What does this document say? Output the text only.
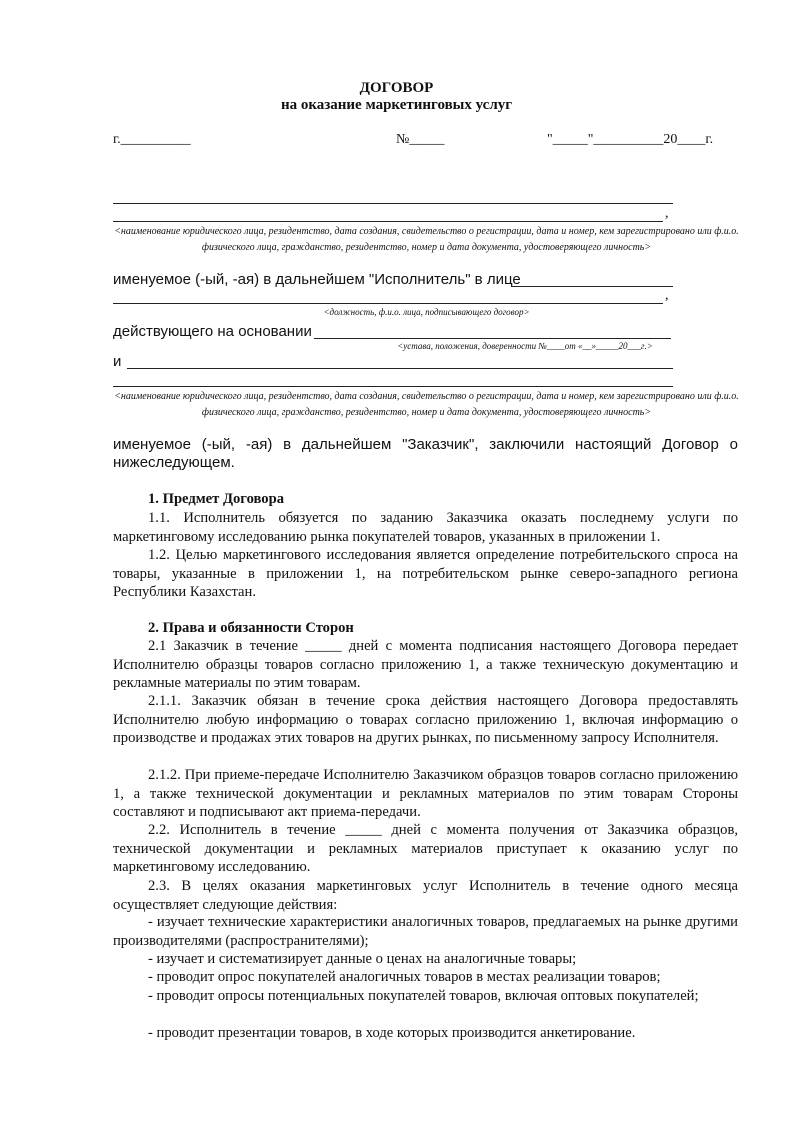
ДОГОВОР
на оказание маркетинговых услуг
г.__________	№_____	"_____"__________20____г.
,
<наименование юридического лица, резидентство, дата создания, свидетельство о регистрации, дата и номер, кем зарегистрировано или ф.и.о. физического лица, гражданство, резидентство, номер и дата документа, удостоверяющего личность>
именуемое (-ый, -ая) в дальнейшем "Исполнитель" в лице
,
<должность, ф.и.о. лица, подписывающего договор>
действующего на основании
<устава, положения, доверенности №____от «__»_____20___г.>
и
<наименование юридического лица, резидентство, дата создания, свидетельство о регистрации, дата и номер, кем зарегистрировано или ф.и.о. физического лица, гражданство, резидентство, номер и дата документа, удостоверяющего личность>
именуемое (-ый, -ая) в дальнейшем "Заказчик", заключили настоящий Договор о нижеследующем.
1. Предмет Договора
1.1. Исполнитель обязуется по заданию Заказчика оказать последнему услуги по маркетинговому исследованию рынка покупателей товаров, указанных в приложении 1.
1.2. Целью маркетингового исследования является определение потребительского спроса на товары, указанные в приложении 1, на потребительском рынке северо-западного региона Республики Казахстан.
2. Права и обязанности Сторон
2.1 Заказчик в течение _____ дней с момента подписания настоящего Договора передает Исполнителю образцы товаров согласно приложению 1, а также техническую документацию и рекламные материалы по этим товарам.
2.1.1. Заказчик обязан в течение срока действия настоящего Договора предоставлять Исполнителю любую информацию о товарах согласно приложению 1, включая информацию о производстве и продажах этих товаров на других рынках, по письменному запросу Исполнителя.
2.1.2. При приеме-передаче Исполнителю Заказчиком образцов товаров согласно приложению 1, а также технической документации и рекламных материалов по этим товарам Стороны составляют и подписывают акт приема-передачи.
2.2. Исполнитель в течение _____ дней с момента получения от Заказчика образцов, технической документации и рекламных материалов приступает к оказанию услуг по маркетинговому исследованию.
2.3. В целях оказания маркетинговых услуг Исполнитель в течение одного месяца осуществляет следующие действия:
- изучает технические характеристики аналогичных товаров, предлагаемых на рынке другими производителями (распространителями);
- изучает и систематизирует данные о ценах на аналогичные товары;
- проводит опрос покупателей аналогичных товаров в местах реализации товаров;
- проводит опросы потенциальных покупателей товаров, включая оптовых покупателей;
- проводит презентации товаров, в ходе которых производится анкетирование.
